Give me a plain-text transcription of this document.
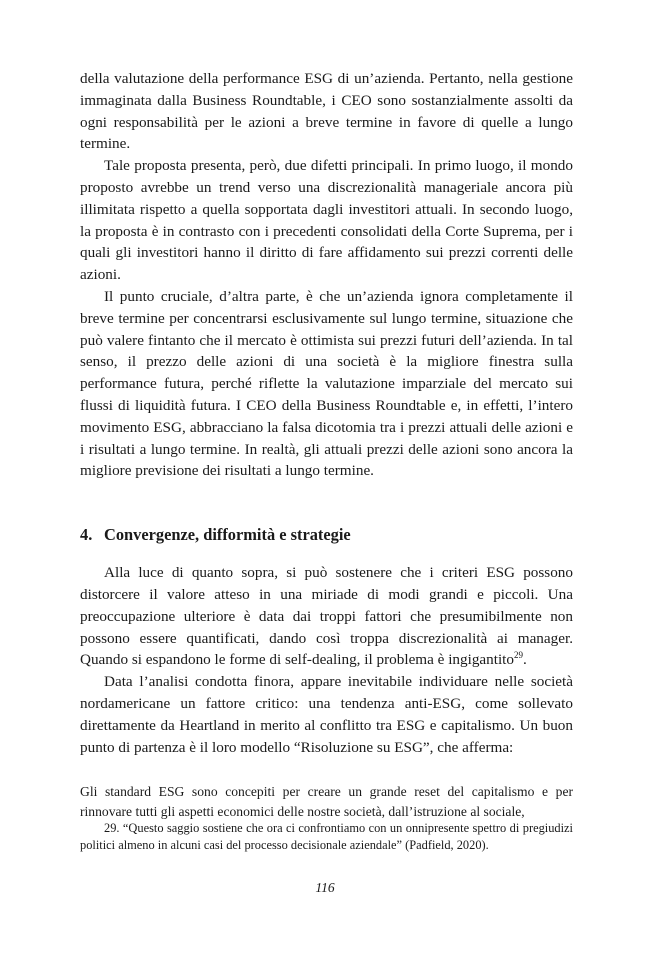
della valutazione della performance ESG di un’azienda. Pertanto, nella gestione immaginata dalla Business Roundtable, i CEO sono sostanzialmente assolti da ogni responsabilità per le azioni a breve termine in favore di quelle a lungo termine.

Tale proposta presenta, però, due difetti principali. In primo luogo, il mondo proposto avrebbe un trend verso una discrezionalità manageriale ancora più illimitata rispetto a quella sopportata dagli investitori attuali. In secondo luogo, la proposta è in contrasto con i precedenti consolidati della Corte Suprema, per i quali gli investitori hanno il diritto di fare affidamento sui prezzi correnti delle azioni.

Il punto cruciale, d’altra parte, è che un’azienda ignora completamente il breve termine per concentrarsi esclusivamente sul lungo termine, situazione che può valere fintanto che il mercato è ottimista sui prezzi futuri dell’azienda. In tal senso, il prezzo delle azioni di una società è la migliore finestra sulla performance futura, perché riflette la valutazione imparziale del mercato sui flussi di liquidità futura. I CEO della Business Roundtable e, in effetti, l’intero movimento ESG, abbracciano la falsa dicotomia tra i prezzi attuali delle azioni e i risultati a lungo termine. In realtà, gli attuali prezzi delle azioni sono ancora la migliore previsione dei risultati a lungo termine.

4. Convergenze, difformità e strategie

Alla luce di quanto sopra, si può sostenere che i criteri ESG possono distorcere il valore atteso in una miriade di modi grandi e piccoli. Una preoccupazione ulteriore è data dai troppi fattori che presumibilmente non possono essere quantificati, dando così troppa discrezionalità ai manager. Quando si espandono le forme di self-dealing, il problema è ingigantito$^{29}$.

Data l’analisi condotta finora, appare inevitabile individuare nelle società nordamericane un fattore critico: una tendenza anti-ESG, come sollevato direttamente da Heartland in merito al conflitto tra ESG e capitalismo. Un buon punto di partenza è il loro modello “Risoluzione su ESG”, che afferma:

Gli standard ESG sono concepiti per creare un grande reset del capitalismo e per rinnovare tutti gli aspetti economici delle nostre società, dall’istruzione al sociale,

29. “Questo saggio sostiene che ora ci confrontiamo con un onnipresente spettro di pregiudizi politici almeno in alcuni casi del processo decisionale aziendale” (Padfield, 2020).

116
